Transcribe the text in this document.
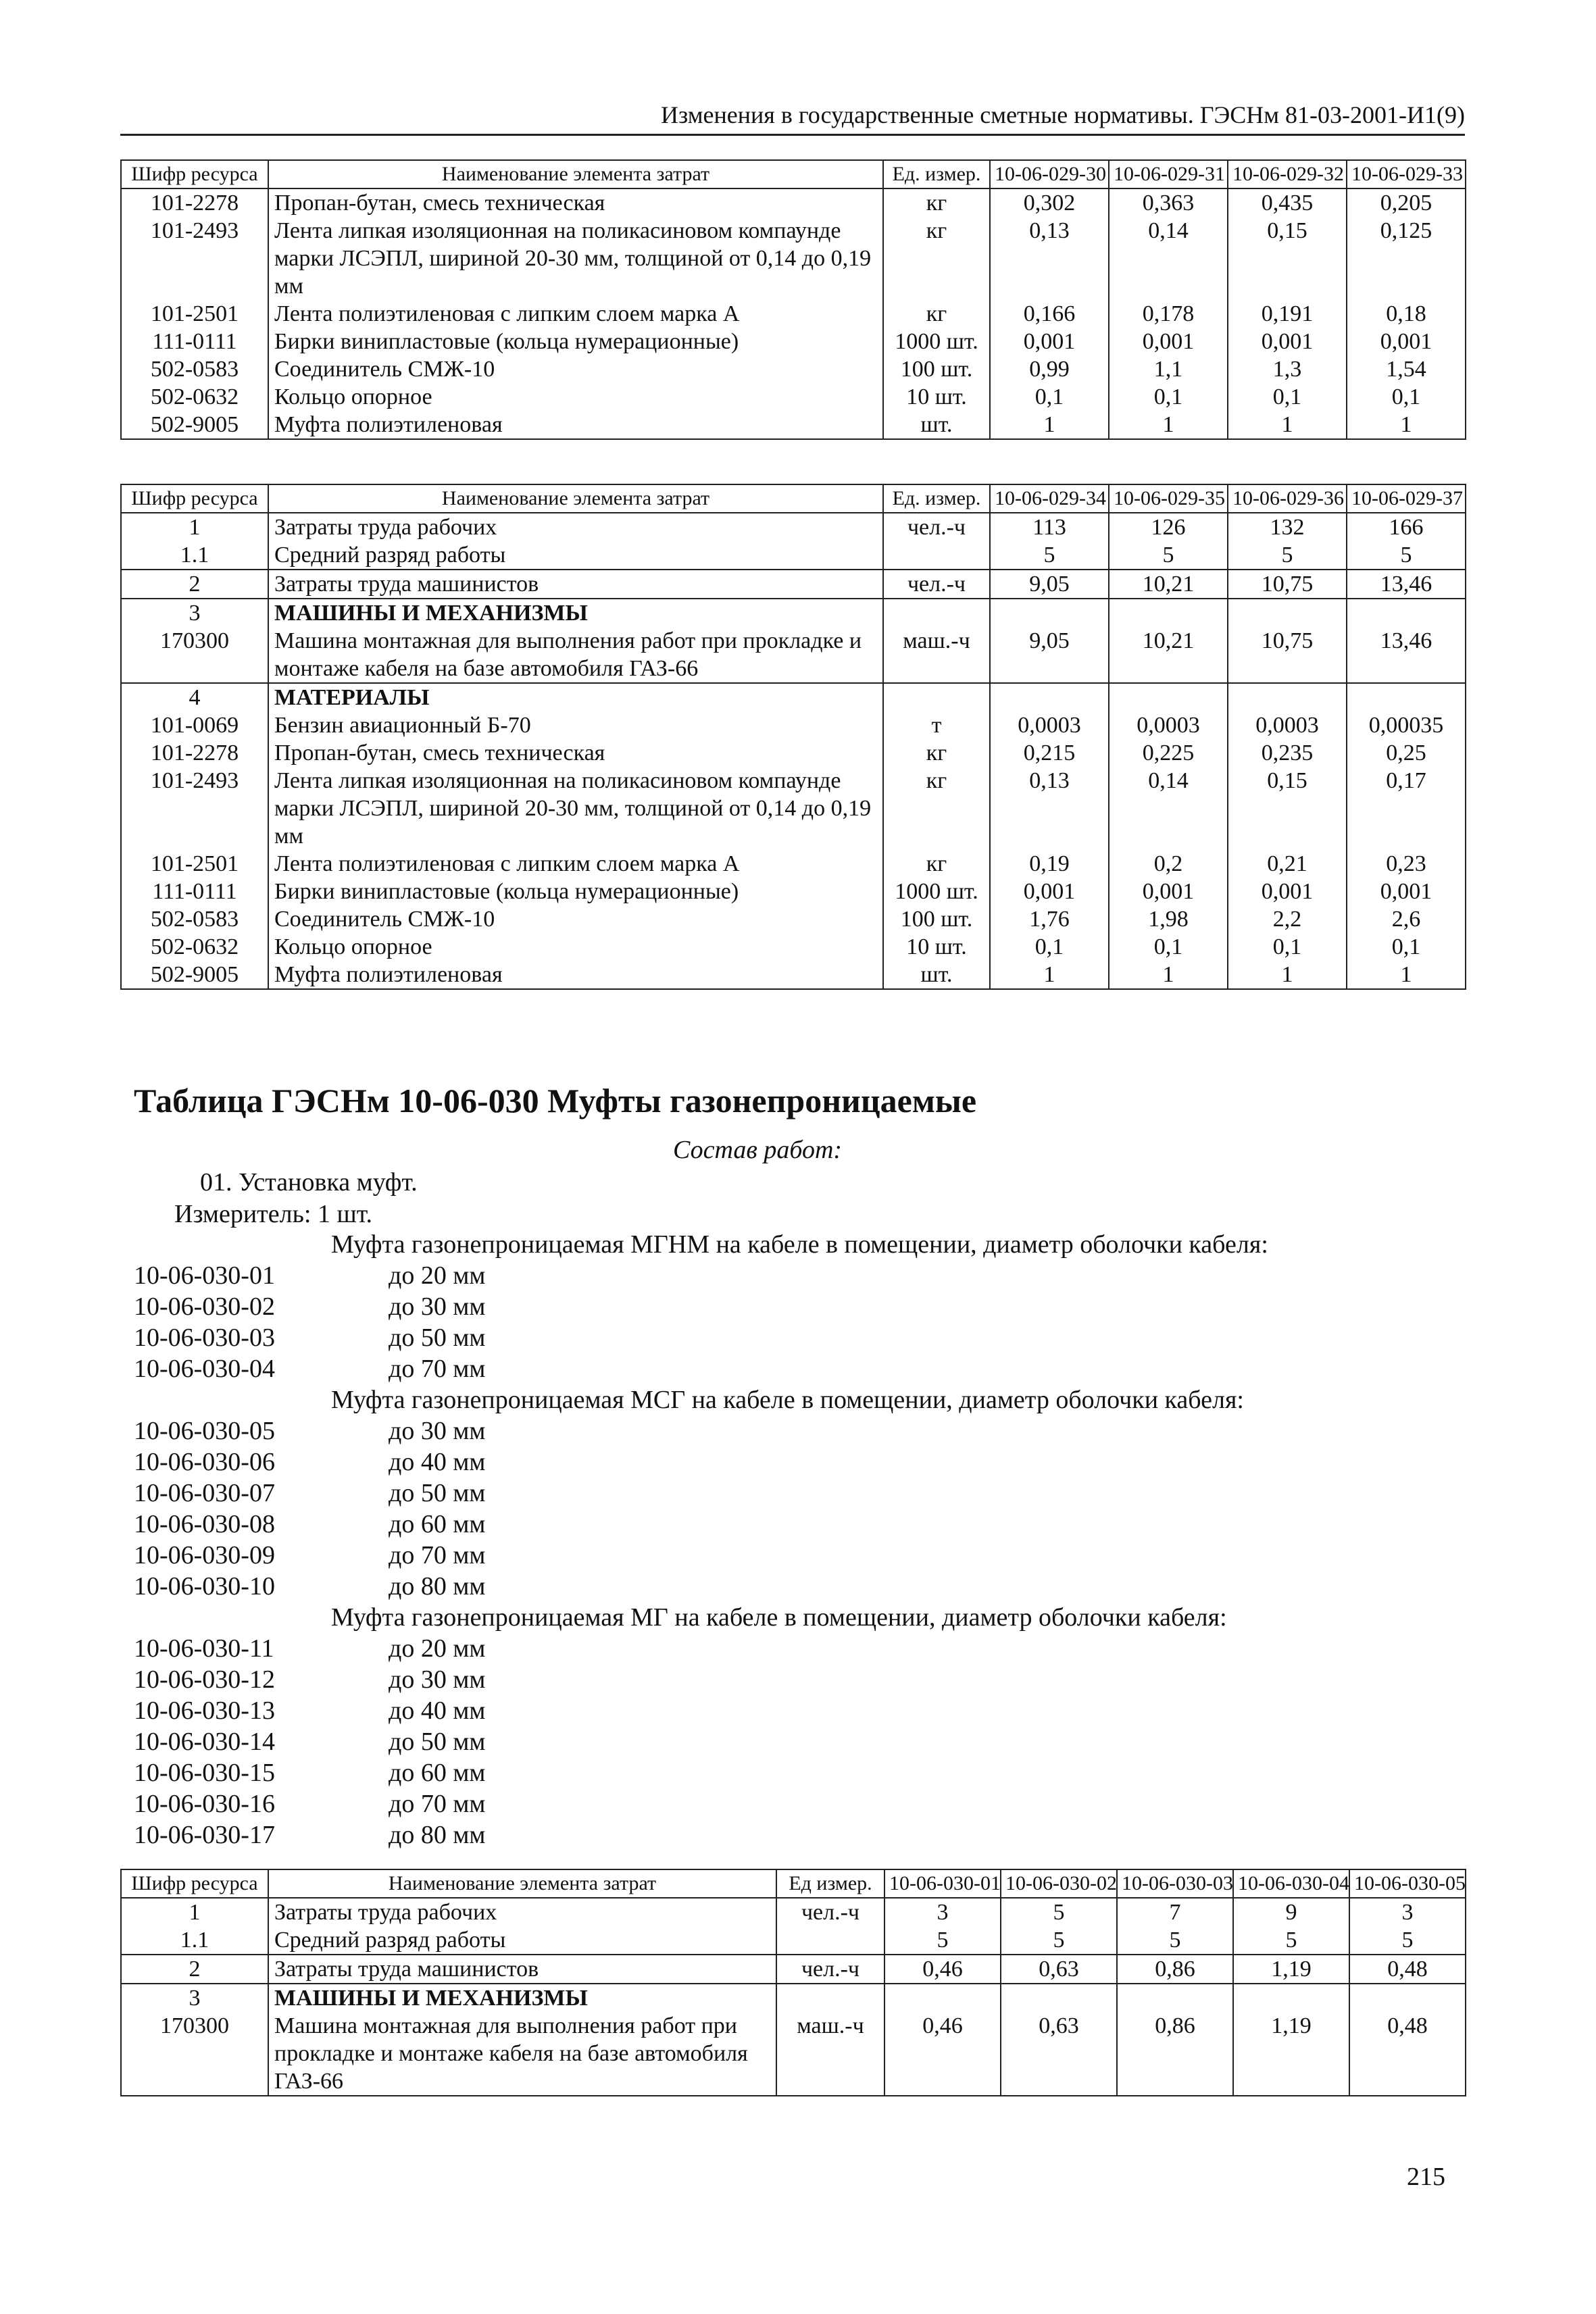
Изменения в государственные сметные нормативы. ГЭСНм 81-03-2001-И1(9)
Шифр ресурса	Наименование элемента затрат	Ед. измер.	10-06-029-30	10-06-029-31	10-06-029-32	10-06-029-33
101-2278	Пропан-бутан, смесь техническая	кг	0,302	0,363	0,435	0,205
101-2493	Лента липкая изоляционная на поликасиновом компаунде марки ЛСЭПЛ, шириной 20-30 мм, толщиной от 0,14 до 0,19 мм	кг	0,13	0,14	0,15	0,125
101-2501	Лента полиэтиленовая с липким слоем марка А	кг	0,166	0,178	0,191	0,18
111-0111	Бирки винипластовые (кольца нумерационные)	1000 шт.	0,001	0,001	0,001	0,001
502-0583	Соединитель СМЖ-10	100 шт.	0,99	1,1	1,3	1,54
502-0632	Кольцо опорное	10 шт.	0,1	0,1	0,1	0,1
502-9005	Муфта полиэтиленовая	шт.	1	1	1	1
Шифр ресурса	Наименование элемента затрат	Ед. измер.	10-06-029-34	10-06-029-35	10-06-029-36	10-06-029-37
1	Затраты труда рабочих	чел.-ч	113	126	132	166
1.1	Средний разряд работы		5	5	5	5
2	Затраты труда машинистов	чел.-ч	9,05	10,21	10,75	13,46
3	МАШИНЫ И МЕХАНИЗМЫ					
170300	Машина монтажная для выполнения работ при прокладке и монтаже кабеля на базе автомобиля ГАЗ-66	маш.-ч	9,05	10,21	10,75	13,46
4	МАТЕРИАЛЫ					
101-0069	Бензин авиационный Б-70	т	0,0003	0,0003	0,0003	0,00035
101-2278	Пропан-бутан, смесь техническая	кг	0,215	0,225	0,235	0,25
101-2493	Лента липкая изоляционная на поликасиновом компаунде марки ЛСЭПЛ, шириной 20-30 мм, толщиной от 0,14 до 0,19 мм	кг	0,13	0,14	0,15	0,17
101-2501	Лента полиэтиленовая с липким слоем марка А	кг	0,19	0,2	0,21	0,23
111-0111	Бирки винипластовые (кольца нумерационные)	1000 шт.	0,001	0,001	0,001	0,001
502-0583	Соединитель СМЖ-10	100 шт.	1,76	1,98	2,2	2,6
502-0632	Кольцо опорное	10 шт.	0,1	0,1	0,1	0,1
502-9005	Муфта полиэтиленовая	шт.	1	1	1	1
Таблица ГЭСНм 10-06-030 Муфты газонепроницаемые
Состав работ:
01. Установка муфт.
Измеритель: 1 шт.
Муфта газонепроницаемая МГНМ на кабеле в помещении, диаметр оболочки кабеля:
10-06-030-01	до 20 мм
10-06-030-02	до 30 мм
10-06-030-03	до 50 мм
10-06-030-04	до 70 мм
Муфта газонепроницаемая МСГ на кабеле в помещении, диаметр оболочки кабеля:
10-06-030-05	до 30 мм
10-06-030-06	до 40 мм
10-06-030-07	до 50 мм
10-06-030-08	до 60 мм
10-06-030-09	до 70 мм
10-06-030-10	до 80 мм
Муфта газонепроницаемая МГ на кабеле в помещении, диаметр оболочки кабеля:
10-06-030-11	до 20 мм
10-06-030-12	до 30 мм
10-06-030-13	до 40 мм
10-06-030-14	до 50 мм
10-06-030-15	до 60 мм
10-06-030-16	до 70 мм
10-06-030-17	до 80 мм
Шифр ресурса	Наименование элемента затрат	Ед измер.	10-06-030-01	10-06-030-02	10-06-030-03	10-06-030-04	10-06-030-05
1	Затраты труда рабочих	чел.-ч	3	5	7	9	3
1.1	Средний разряд работы		5	5	5	5	5
2	Затраты труда машинистов	чел.-ч	0,46	0,63	0,86	1,19	0,48
3	МАШИНЫ И МЕХАНИЗМЫ						
170300	Машина монтажная для выполнения работ при прокладке и монтаже кабеля на базе автомобиля ГАЗ-66	маш.-ч	0,46	0,63	0,86	1,19	0,48
215
